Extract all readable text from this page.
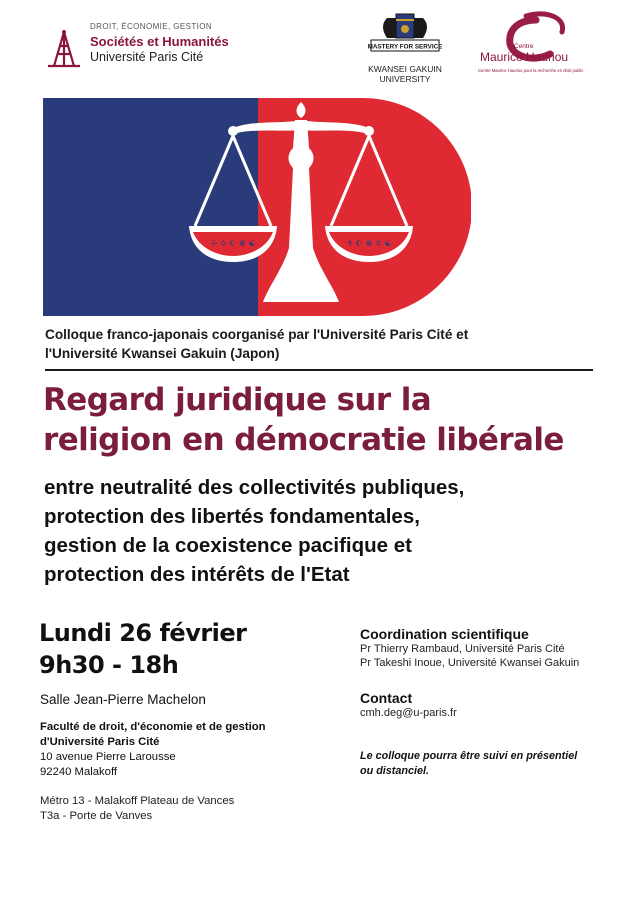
DROIT, ÉCONOMIE, GESTION
Sociétés et Humanités
Université Paris Cité
MASTERY FOR SERVICE
KWANSEI GAKUIN
UNIVERSITY
Centre
Maurice Hauriou
Centre Maurice Hauriou pour la recherche en droit public
☩ ✡ ☪ ☸ ☯	✝ ☪ ☸ ✡ ☯
Colloque franco-japonais coorganisé par l'Université Paris Cité et
l'Université Kwansei Gakuin (Japon)
Regard juridique sur la
religion en démocratie libérale
entre neutralité des collectivités publiques,
protection des libertés fondamentales,
gestion de la coexistence pacifique et
protection des intérêts de l'Etat
Lundi 26 février
9h30 - 18h
Salle Jean-Pierre Machelon
Faculté de droit, d'économie et de gestion
d'Université Paris Cité
10 avenue Pierre Larousse
92240 Malakoff
Métro 13 - Malakoff Plateau de Vances
T3a - Porte de Vanves
Coordination scientifique
Pr Thierry Rambaud, Université Paris Cité
Pr Takeshi Inoue, Université Kwansei Gakuin
Contact
cmh.deg@u-paris.fr
Le colloque pourra être suivi en présentiel
ou distanciel.
